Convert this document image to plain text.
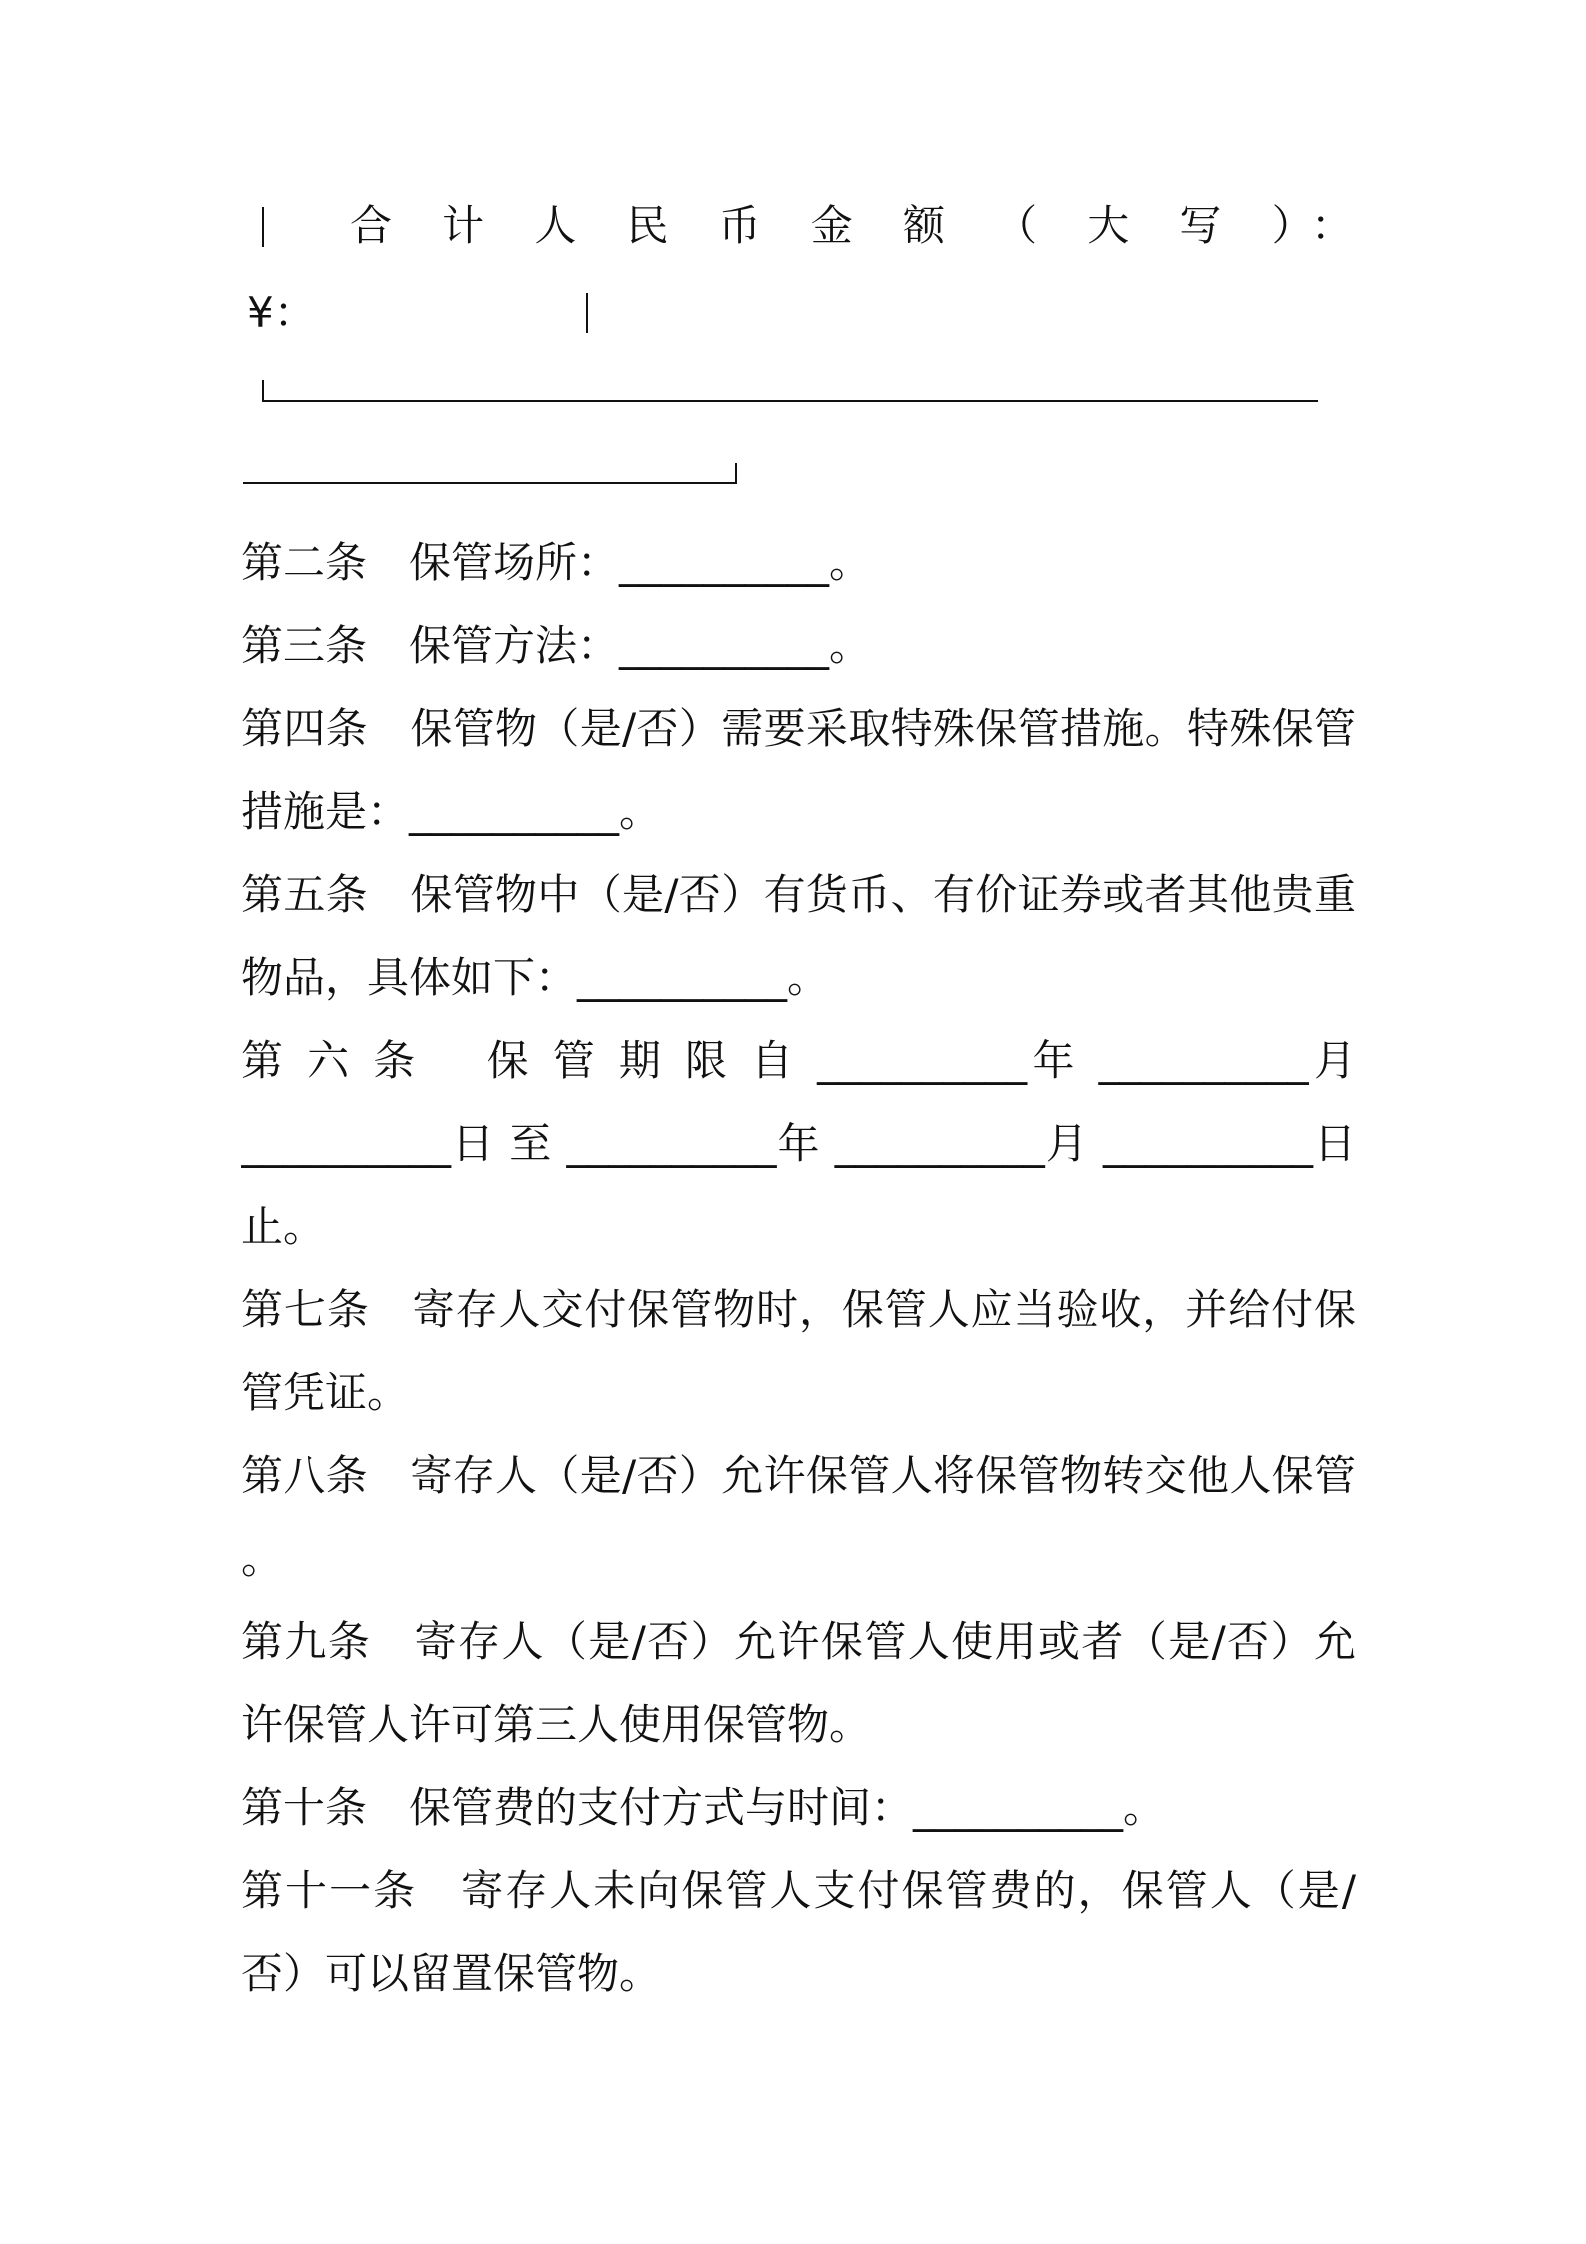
合 计 人 民 币 金 额 （ 大 写 ）：
¥：
第二条　保管场所：__________。
第三条　保管方法：__________。
第四条　保管物（是/否）需要采取特殊保管措施。特殊保管
措施是：__________。
第五条　保管物中（是/否）有货币、有价证券或者其他贵重
物品，具体如下：__________。
第 六 条　 保 管 期 限 自 __________年 __________月
__________日 至 __________年 __________月 __________日
止。
第七条　寄存人交付保管物时，保管人应当验收，并给付保
管凭证。
第八条　寄存人（是/否）允许保管人将保管物转交他人保管
。
第九条　寄存人（是/否）允许保管人使用或者（是/否）允
许保管人许可第三人使用保管物。
第十条　保管费的支付方式与时间：__________。
第十一条　寄存人未向保管人支付保管费的，保管人（是/
否）可以留置保管物。
